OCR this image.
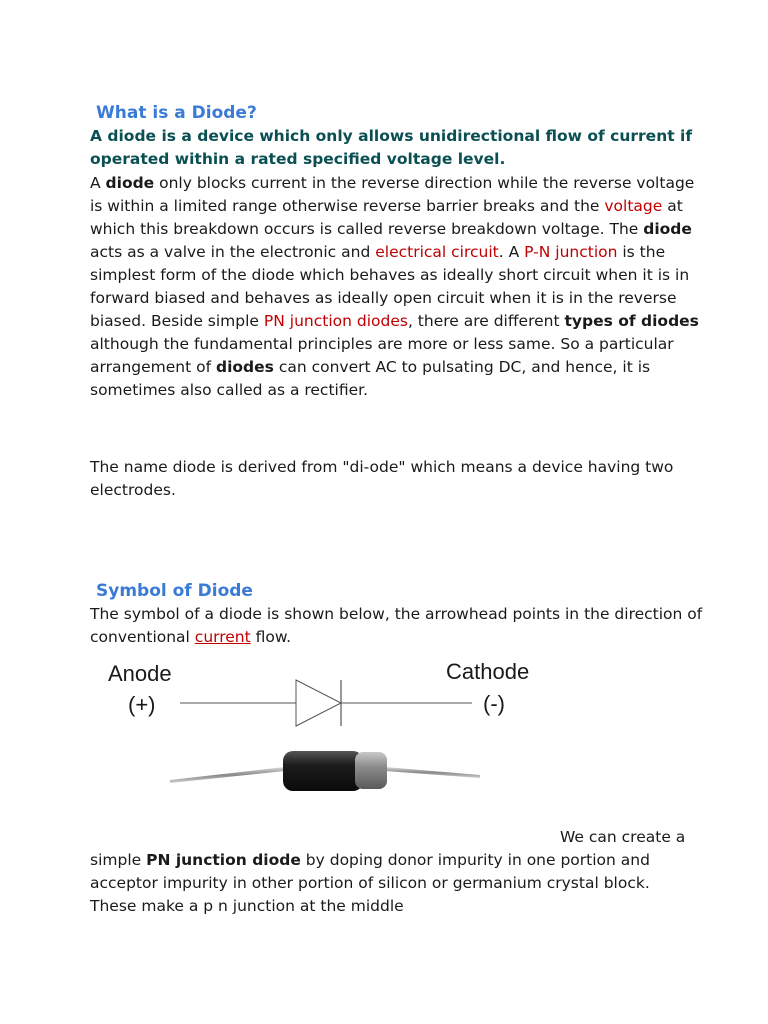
What is a Diode?

A diode is a device which only allows unidirectional flow of current if operated within a rated specified voltage level.

A diode only blocks current in the reverse direction while the reverse voltage is within a limited range otherwise reverse barrier breaks and the voltage at which this breakdown occurs is called reverse breakdown voltage. The diode acts as a valve in the electronic and electrical circuit. A P-N junction is the simplest form of the diode which behaves as ideally short circuit when it is in forward biased and behaves as ideally open circuit when it is in the reverse biased. Beside simple PN junction diodes, there are different types of diodes although the fundamental principles are more or less same. So a particular arrangement of diodes can convert AC to pulsating DC, and hence, it is sometimes also called as a rectifier.

The name diode is derived from "di-ode" which means a device having two electrodes.

Symbol of Diode

The symbol of a diode is shown below, the arrowhead points in the direction of conventional current flow.

Anode
(+)
Cathode
(-)

We can create a simple PN junction diode by doping donor impurity in one portion and acceptor impurity in other portion of silicon or germanium crystal block. These make a p n junction at the middle
